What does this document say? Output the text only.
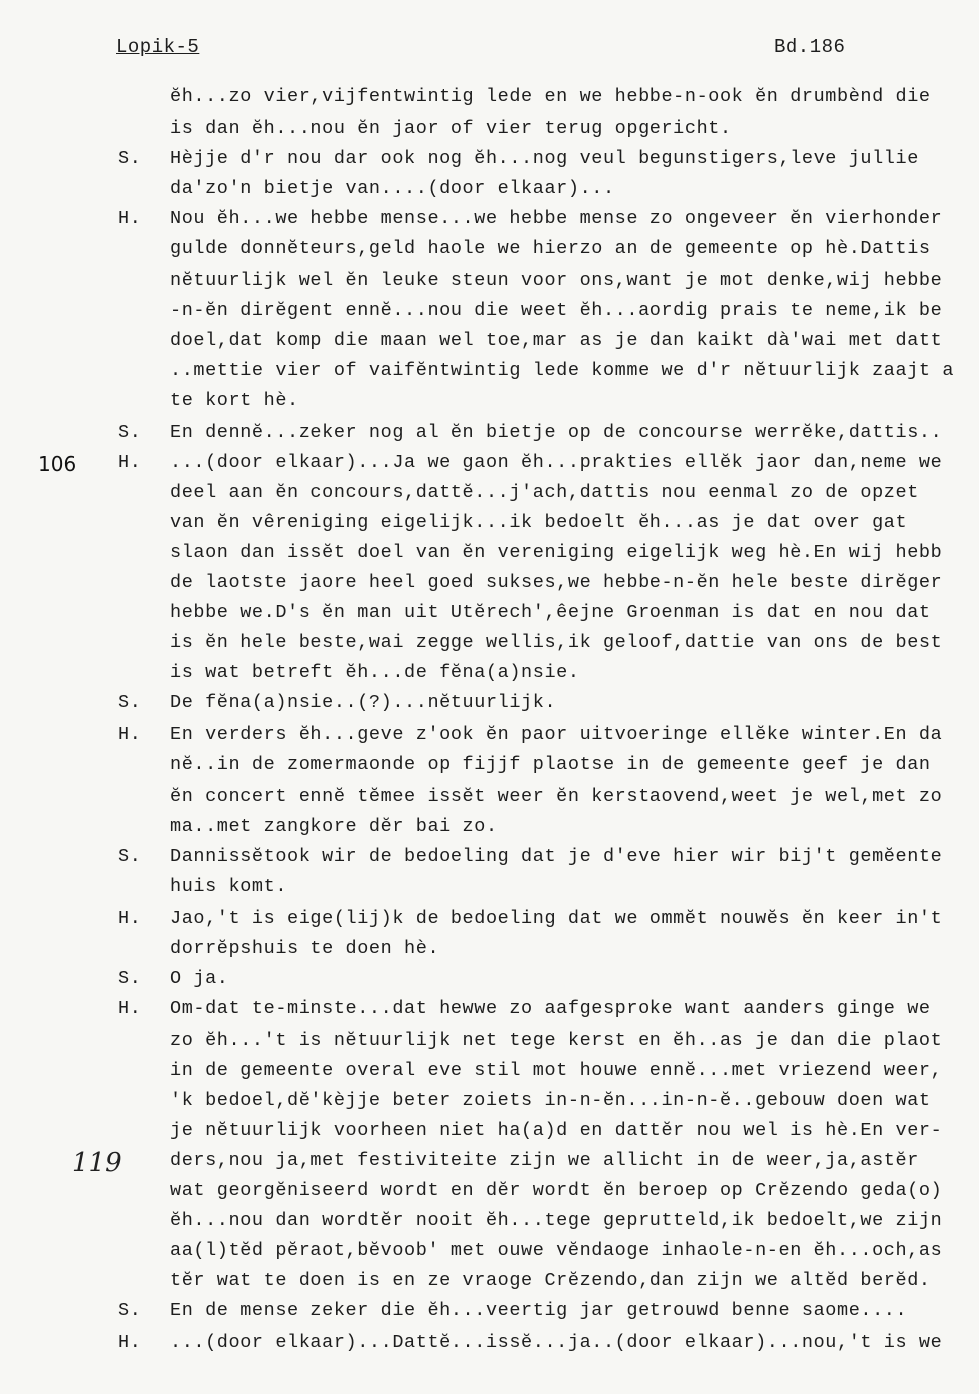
Lopik-5	Bd.186
106
119
ĕh...zo vier,vijfentwintig lede en we hebbe-n-ook ĕn drumbènd die
is dan ĕh...nou ĕn jaor of vier terug opgericht.
S. Hèjje d'r nou dar ook nog ĕh...nog veul begunstigers,leve jullie
da'zo'n bietje van....(door elkaar)...
H. Nou ĕh...we hebbe mense...we hebbe mense zo ongeveer ĕn vierhonder
gulde donnĕteurs,geld haole we hierzo an de gemeente op hè.Dattis
nĕtuurlijk wel ĕn leuke steun voor ons,want je mot denke,wij hebbe
-n-ĕn dirĕgent ennĕ...nou die weet ĕh...aordig prais te neme,ik be
doel,dat komp die maan wel toe,mar as je dan kaikt dà'wai met datt
..mettie vier of vaifĕntwintig lede komme we d'r nĕtuurlijk zaajt a
te kort hè.
S. En dennĕ...zeker nog al ĕn bietje op de concourse werrĕke,dattis..
H. ...(door elkaar)...Ja we gaon ĕh...prakties ellĕk jaor dan,neme we
deel aan ĕn concours,dattĕ...j'ach,dattis nou eenmal zo de opzet
van ĕn vêreniging eigelijk...ik bedoelt ĕh...as je dat over gat
slaon dan issĕt doel van ĕn vereniging eigelijk weg hè.En wij hebb
de laotste jaore heel goed sukses,we hebbe-n-ĕn hele beste dirĕger
hebbe we.D's ĕn man uit Utĕrech',êejne Groenman is dat en nou dat
is ĕn hele beste,wai zegge wellis,ik geloof,dattie van ons de best
is wat betreft ĕh...de fĕna(a)nsie.
S. De fĕna(a)nsie..(?)...nĕtuurlijk.
H. En verders ĕh...geve z'ook ĕn paor uitvoeringe ellĕke winter.En da
nĕ..in de zomermaonde op fijjf plaotse in de gemeente geef je dan
ĕn concert ennĕ tĕmee issĕt weer ĕn kerstaovend,weet je wel,met zo
ma..met zangkore dĕr bai zo.
S. Dannissĕtook wir de bedoeling dat je d'eve hier wir bij't gemĕente
huis komt.
H. Jao,'t is eige(lij)k de bedoeling dat we ommĕt nouwĕs ĕn keer in't
dorrĕpshuis te doen hè.
S. O ja.
H. Om-dat te-minste...dat hewwe zo aafgesproke want aanders ginge we
zo ĕh...'t is nĕtuurlijk net tege kerst en ĕh..as je dan die plaot
in de gemeente overal eve stil mot houwe ennĕ...met vriezend weer,
'k bedoel,dĕ'kèjje beter zoiets in-n-ĕn...in-n-ĕ..gebouw doen wat
je nĕtuurlijk voorheen niet ha(a)d en dattĕr nou wel is hè.En ver-
ders,nou ja,met festiviteite zijn we allicht in de weer,ja,astĕr
wat georgĕniseerd wordt en dĕr wordt ĕn beroep op Crĕzendo geda(o)
ĕh...nou dan wordtĕr nooit ĕh...tege geprutteld,ik bedoelt,we zijn
aa(l)tĕd pĕraot,bĕvoob' met ouwe vĕndaoge inhaole-n-en ĕh...och,as
tĕr wat te doen is en ze vraoge Crĕzendo,dan zijn we altĕd berĕd.
S. En de mense zeker die ĕh...veertig jar getrouwd benne saome....
H. ...(door elkaar)...Dattĕ...issĕ...ja..(door elkaar)...nou,'t is we
